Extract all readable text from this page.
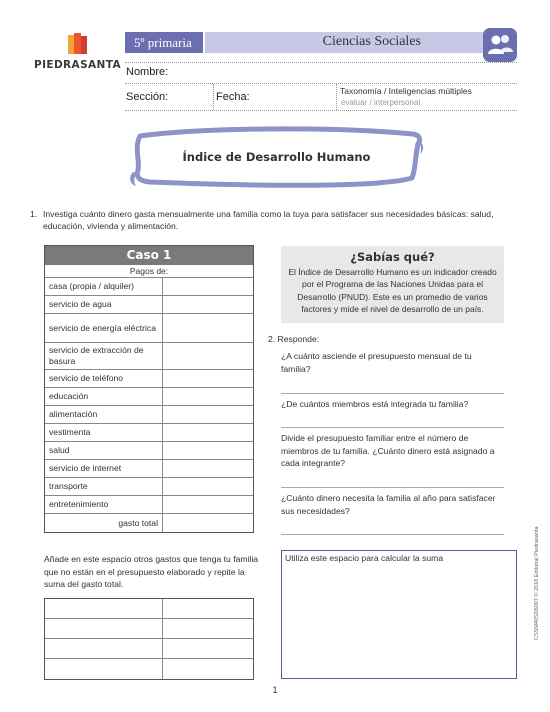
PIEDRASANTA
5º primaria	Ciencias Sociales
Nombre:
Sección:	Fecha:	Taxonomía / Inteligencias múltiples
evaluar / interpersonal
Índice de Desarrollo Humano
1. Investiga cuánto dinero gasta mensualmente una familia como la tuya para satisfacer sus necesidades básicas: salud, educación, vivienda y alimentación.
Caso 1
Pagos de:
casa (propia / alquiler)
servicio de agua
servicio de energía eléctrica
servicio de extracción de basura
servicio de teléfono
educación
alimentación
vestimenta
salud
servicio de internet
transporte
entretenimiento
gasto total
¿Sabías qué?
El Índice de Desarrollo Humano es un indicador creado por el Programa de las Naciones Unidas para el Desarrollo (PNUD). Este es un promedio de varios factores y mide el nivel de desarrollo de un país.
2. Responde:
¿A cuánto asciende el presupuesto mensual de tu familia?
¿De cuántos miembros está integrada tu familia?
Divide el presupuesto familiar entre el número de miembros de tu familia. ¿Cuánto dinero está asignado a cada integrante?
¿Cuánto dinero necesita la familia al año para satisfacer sus necesidades?
Añade en este espacio otros gastos que tenga tu familia que no están en el presupuesto elaborado y repite la suma del gasto total.
Utiliza este espacio para calcular la suma	CSSM40SD6007 © 2018 Editorial Piedrasanta
1
